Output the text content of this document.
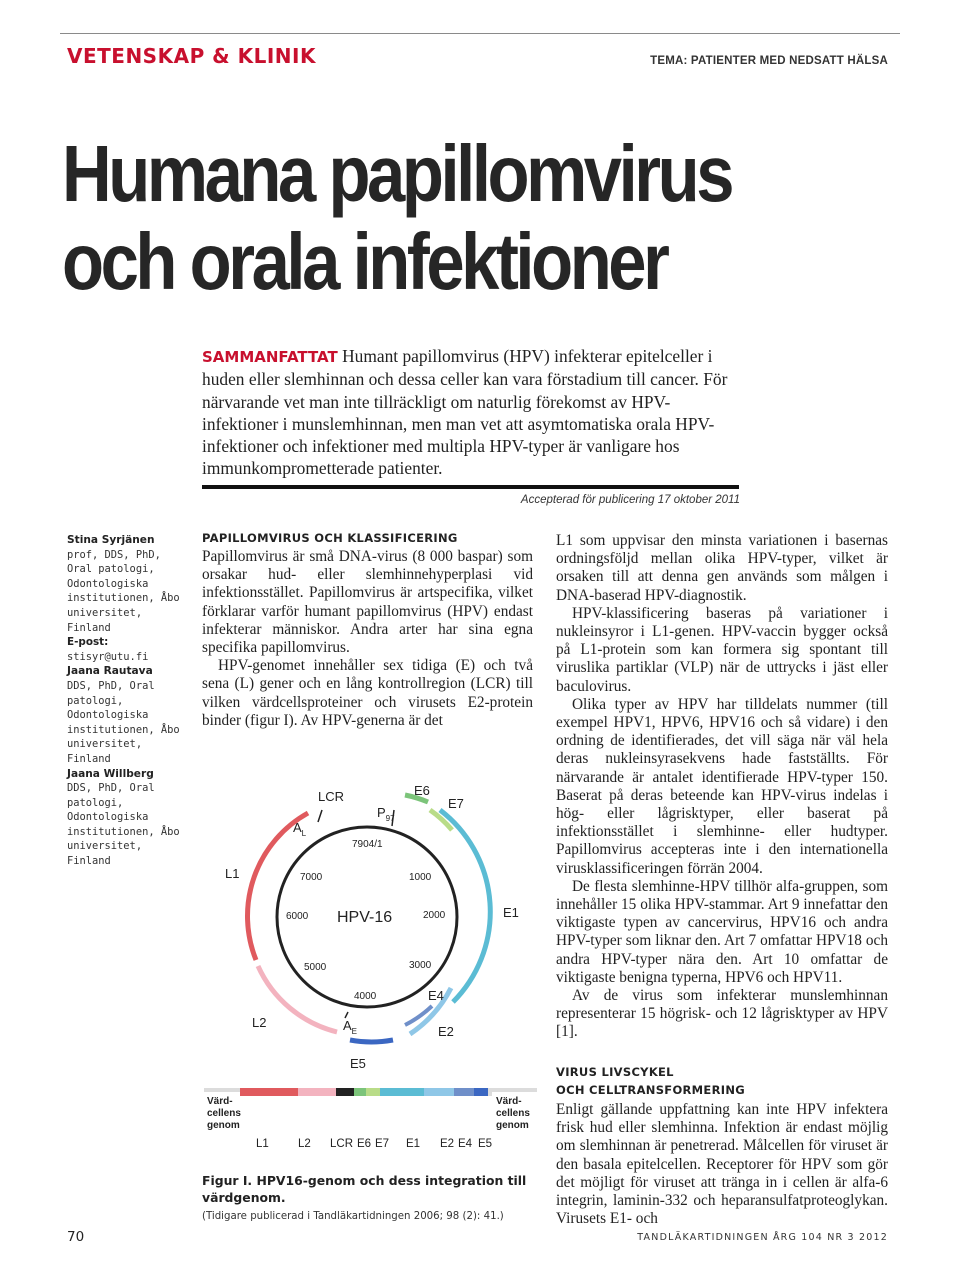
VETENSKAP & KLINIK	TEMA: PATIENTER MED NEDSATT HÄLSA
Humana papillomvirus
och orala infektioner
SAMMANFATTAT Humant papillomvirus (HPV) infekterar epitelceller i huden eller slemhinnan och dessa celler kan vara förstadium till cancer. För närvarande vet man inte tillräckligt om naturlig förekomst av HPV-infektioner i munslemhinnan, men man vet att asymtomatiska orala HPV-infektioner och infektioner med multipla HPV-typer är vanligare hos immunkomprometterade patienter.
Accepterad för publicering 17 oktober 2011
Stina Syrjänen
prof, DDS, PhD, Oral patologi, Odontologiska institutionen, Åbo universitet, Finland
E-post: stisyr@utu.fi
Jaana Rautava
DDS, PhD, Oral patologi, Odontologiska institutionen, Åbo universitet, Finland
Jaana Willberg
DDS, PhD, Oral patologi, Odontologiska institutionen, Åbo universitet, Finland
PAPILLOMVIRUS OCH KLASSIFICERING

Papillomvirus är små DNA-virus (8 000 baspar) som orsakar hud- eller slemhinnehyperplasi vid infektionsstället. Papillomvirus är artspecifika, vilket förklarar varför humant papillomvirus (HPV) endast infekterar människor. Andra arter har sina egna specifika papillomvirus.

HPV-genomet innehåller sex tidiga (E) och två sena (L) gener och en lång kontrollregion (LCR) till vilken värdcellsproteiner och virusets E2-protein binder (figur I). Av HPV-generna är det

L1 som uppvisar den minsta variationen i basernas ordningsföljd mellan olika HPV-typer, vilket är orsaken till att denna gen används som målgen i DNA-baserad HPV-diagnostik.

HPV-klassificering baseras på variationer i nukleinsyror i L1-genen. HPV-vaccin bygger också på L1-protein som kan formera sig spontant till viruslika partiklar (VLP) när de uttrycks i jäst eller baculovirus.

Olika typer av HPV har tilldelats nummer (till exempel HPV1, HPV6, HPV16 och så vidare) i den ordning de identifierades, det vill säga när väl hela deras nukleinsyrasekvens hade fastställts. För närvarande är antalet identifierade HPV-typer 150. Baserat på deras beteende kan HPV-virus indelas i hög- eller lågrisktyper, eller baserat på infektionsstället i slemhinne- eller hudtyper. Papillomvirus accepteras inte i den internationella virusklassificeringen förrän 2004.

De flesta slemhinne-HPV tillhör alfa-gruppen, som innehåller 15 olika HPV-stammar. Art 9 innefattar den viktigaste typen av cancervirus, HPV16 och andra HPV-typer som liknar den. Art 7 omfattar HPV18 och andra HPV-typer nära den. Art 10 omfattar de viktigaste benigna typerna, HPV6 och HPV11.

Av de virus som infekterar munslemhinnan representerar 15 högrisk- och 12 lågrisktyper av HPV [1].

VIRUS LIVSCYKEL
OCH CELLTRANSFORMERING

Enligt gällande uppfattning kan inte HPV infektera frisk hud eller slemhinna. Infektion är endast möjlig om slemhinnan är penetrerad. Målcellen för viruset är den basala epitelcellen. Receptorer för HPV som gör det möjligt för viruset att tränga in i cellen är alfa-6 integrin, laminin-332 och heparansulfatproteoglykan. Virusets E1- och

LCR
$P_{97}$
$A_L$
$A_E$
7904/1
HPV-16
1000
2000
3000
4000
5000
6000
7000
E6
E7
E1
E2
E4
E5
L2
L1
Värd- cellens genom
Värd- cellens genom
L1	L2 LCR E6 E7 E1 E2 E4 E5
Figur I. HPV16-genom och dess integration till värdgenom.
(Tidigare publicerad i Tandläkartidningen 2006; 98 (2): 41.)
70	TANDLÄKARTIDNINGEN ÅRG 104 NR 3 2012
